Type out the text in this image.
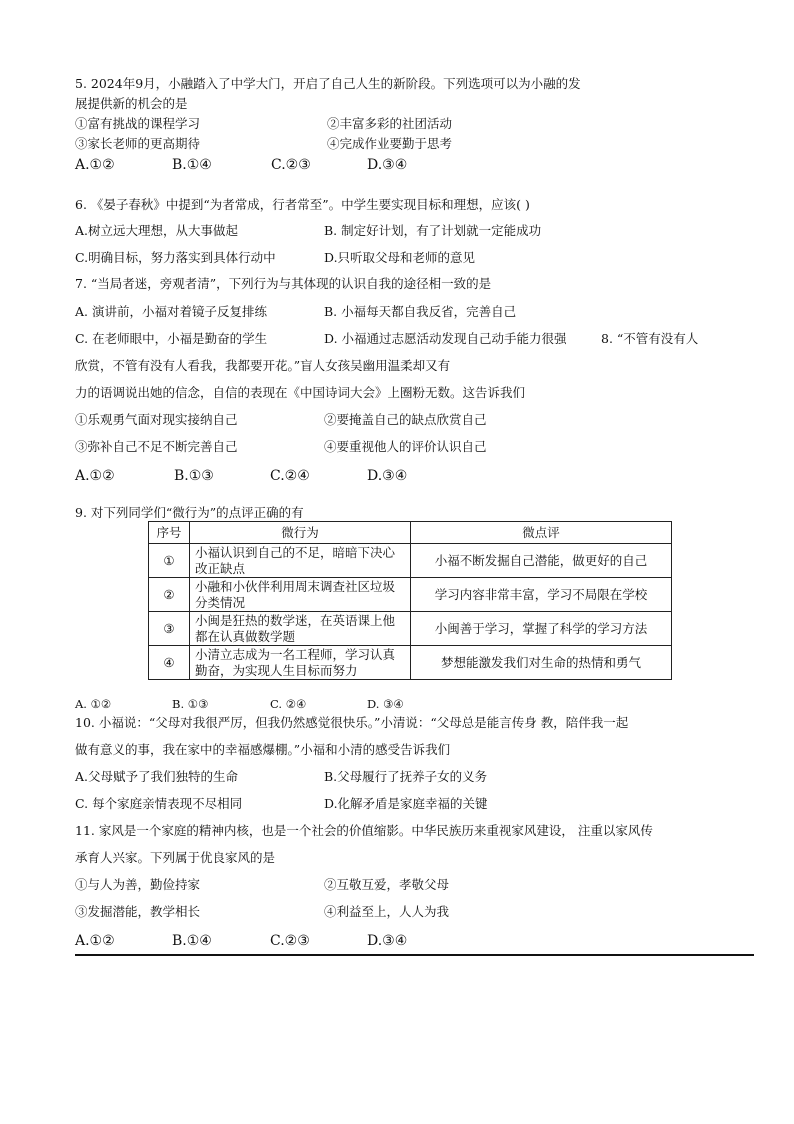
5. 2024年9月，小融踏入了中学大门，开启了自己人生的新阶段。下列选项可以为小融的发
展提供新的机会的是
①富有挑战的课程学习	②丰富多彩的社团活动
③家长老师的更高期待	④完成作业要勤于思考
A.①②	B.①④	C.②③	D.③④
6. 《晏子春秋》中提到“为者常成，行者常至”。中学生要实现目标和理想，应该( )
A.树立远大理想，从大事做起	B. 制定好计划，有了计划就一定能成功
C.明确目标，努力落实到具体行动中	D.只听取父母和老师的意见
7. “当局者迷，旁观者清”，下列行为与其体现的认识自我的途径相一致的是
A. 演讲前，小福对着镜子反复排练	B. 小福每天都自我反省，完善自己
C. 在老师眼中，小福是勤奋的学生	D. 小福通过志愿活动发现自己动手能力很强	8. “不管有没有人
欣赏，不管有没有人看我，我都要开花。”盲人女孩吴幽用温柔却又有
力的语调说出她的信念，自信的表现在《中国诗词大会》上圈粉无数。这告诉我们
①乐观勇气面对现实接纳自己	②要掩盖自己的缺点欣赏自己
③弥补自己不足不断完善自己	④要重视他人的评价认识自己
A.①②	B.①③	C.②④	D.③④
9. 对下列同学们“微行为”的点评正确的有
序号	微行为	微点评
①	小福认识到自己的不足，暗暗下决心改正缺点	小福不断发掘自己潜能，做更好的自己
②	小融和小伙伴利用周末调查社区垃圾分类情况	学习内容非常丰富，学习不局限在学校
③	小闽是狂热的数学迷，在英语课上他都在认真做数学题	小闽善于学习，掌握了科学的学习方法
④	小清立志成为一名工程师，学习认真勤奋，为实现人生目标而努力	梦想能激发我们对生命的热情和勇气
A. ①②	B. ①③	C. ②④	D. ③④
10. 小福说：“父母对我很严厉，但我仍然感觉很快乐。”小清说：“父母总是能言传身 教，陪伴我一起
做有意义的事，我在家中的幸福感爆棚。”小福和小清的感受告诉我们
A.父母赋予了我们独特的生命	B.父母履行了抚养子女的义务
C. 每个家庭亲情表现不尽相同	D.化解矛盾是家庭幸福的关键
11. 家风是一个家庭的精神内核，也是一个社会的价值缩影。中华民族历来重视家风建设， 注重以家风传
承育人兴家。下列属于优良家风的是
①与人为善，勤俭持家	②互敬互爱，孝敬父母
③发掘潜能，教学相长	④利益至上，人人为我
A.①②	B.①④	C.②③	D.③④
